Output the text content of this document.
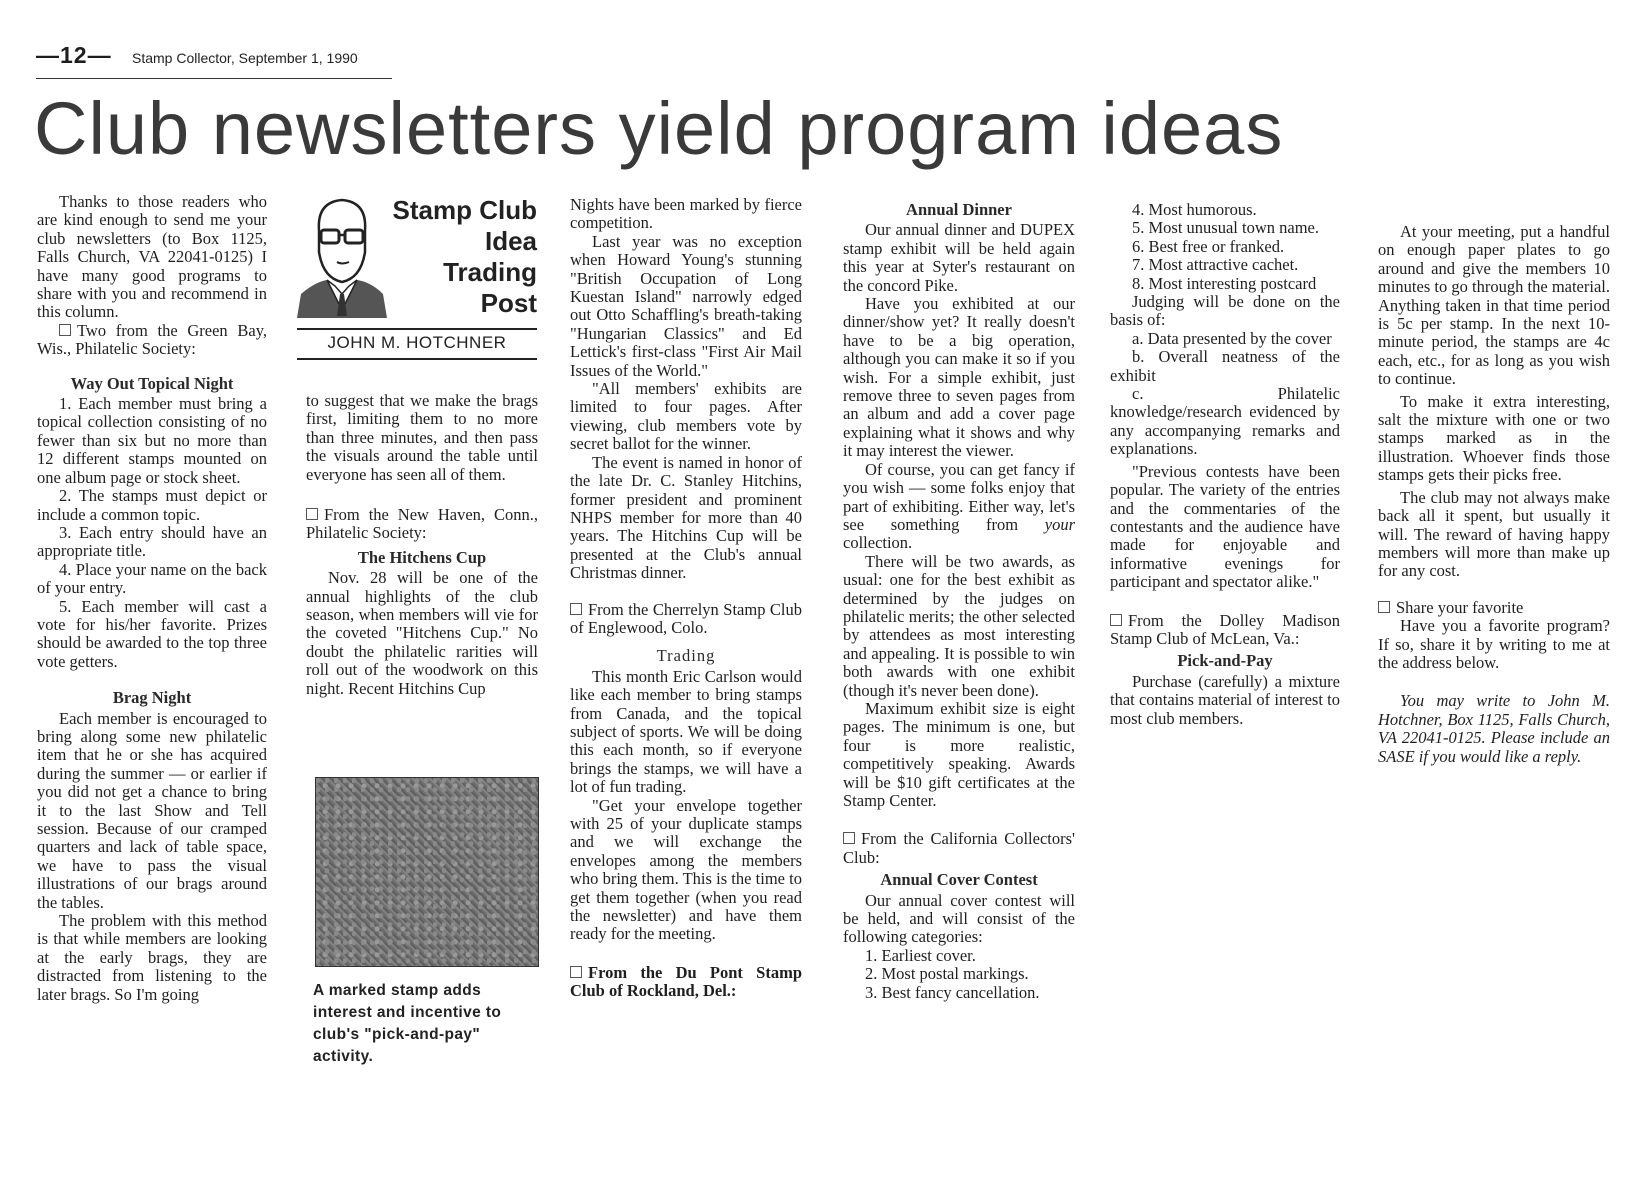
—12— Stamp Collector, September 1, 1990
Club newsletters yield program ideas

Thanks to those readers who are kind enough to send me your club newsletters (to Box 1125, Falls Church, VA 22041-0125) I have many good programs to share with you and recommend in this column.

Two from the Green Bay, Wis., Philatelic Society:

Way Out Topical Night

1. Each member must bring a topical collection consisting of no fewer than six but no more than 12 different stamps mounted on one album page or stock sheet.

2. The stamps must depict or include a common topic.

3. Each entry should have an appropriate title.

4. Place your name on the back of your entry.

5. Each member will cast a vote for his/her favorite. Prizes should be awarded to the top three vote getters.

Brag Night

Each member is encouraged to bring along some new philatelic item that he or she has acquired during the summer — or earlier if you did not get a chance to bring it to the last Show and Tell session. Because of our cramped quarters and lack of table space, we have to pass the visual illustrations of our brags around the tables.

The problem with this method is that while members are looking at the early brags, they are distracted from listening to the later brags. So I'm going

Stamp Club
Idea
Trading
Post
JOHN M. HOTCHNER

to suggest that we make the brags first, limiting them to no more than three minutes, and then pass the visuals around the table until everyone has seen all of them.

From the New Haven, Conn., Philatelic Society:

The Hitchens Cup

Nov. 28 will be one of the annual highlights of the club season, when members will vie for the coveted "Hitchens Cup." No doubt the philatelic rarities will roll out of the woodwork on this night. Recent Hitchins Cup

A marked stamp adds interest and incentive to club's "pick-and-pay" activity.

Nights have been marked by fierce competition.

Last year was no exception when Howard Young's stunning "British Occupation of Long Kuestan Island" narrowly edged out Otto Schaffling's breath-taking "Hungarian Classics" and Ed Lettick's first-class "First Air Mail Issues of the World."

"All members' exhibits are limited to four pages. After viewing, club members vote by secret ballot for the winner.

The event is named in honor of the late Dr. C. Stanley Hitchins, former president and prominent NHPS member for more than 40 years. The Hitchins Cup will be presented at the Club's annual Christmas dinner.

From the Cherrelyn Stamp Club of Englewood, Colo.

Trading

This month Eric Carlson would like each member to bring stamps from Canada, and the topical subject of sports. We will be doing this each month, so if everyone brings the stamps, we will have a lot of fun trading.

"Get your envelope together with 25 of your duplicate stamps and we will exchange the envelopes among the members who bring them. This is the time to get them together (when you read the newsletter) and have them ready for the meeting.

From the Du Pont Stamp Club of Rockland, Del.:

Annual Dinner

Our annual dinner and DUPEX stamp exhibit will be held again this year at Syter's restaurant on the concord Pike.

Have you exhibited at our dinner/show yet? It really doesn't have to be a big operation, although you can make it so if you wish. For a simple exhibit, just remove three to seven pages from an album and add a cover page explaining what it shows and why it may interest the viewer.

Of course, you can get fancy if you wish — some folks enjoy that part of exhibiting. Either way, let's see something from your collection.

There will be two awards, as usual: one for the best exhibit as determined by the judges on philatelic merits; the other selected by attendees as most interesting and appealing. It is possible to win both awards with one exhibit (though it's never been done).

Maximum exhibit size is eight pages. The minimum is one, but four is more realistic, competitively speaking. Awards will be $10 gift certificates at the Stamp Center.

From the California Collectors' Club:

Annual Cover Contest

Our annual cover contest will be held, and will consist of the following categories:

1. Earliest cover.

2. Most postal markings.

3. Best fancy cancellation.

4. Most humorous.

5. Most unusual town name.

6. Best free or franked.

7. Most attractive cachet.

8. Most interesting postcard

Judging will be done on the basis of:

a. Data presented by the cover

b. Overall neatness of the exhibit

c. Philatelic knowledge/research evidenced by any accompanying remarks and explanations.

"Previous contests have been popular. The variety of the entries and the commentaries of the contestants and the audience have made for enjoyable and informative evenings for participant and spectator alike."

From the Dolley Madison Stamp Club of McLean, Va.:

Pick-and-Pay

Purchase (carefully) a mixture that contains material of interest to most club members.

At your meeting, put a handful on enough paper plates to go around and give the members 10 minutes to go through the material. Anything taken in that time period is 5c per stamp. In the next 10-minute period, the stamps are 4c each, etc., for as long as you wish to continue.

To make it extra interesting, salt the mixture with one or two stamps marked as in the illustration. Whoever finds those stamps gets their picks free.

The club may not always make back all it spent, but usually it will. The reward of having happy members will more than make up for any cost.

Share your favorite

Have you a favorite program? If so, share it by writing to me at the address below.

You may write to John M. Hotchner, Box 1125, Falls Church, VA 22041-0125. Please include an SASE if you would like a reply.
